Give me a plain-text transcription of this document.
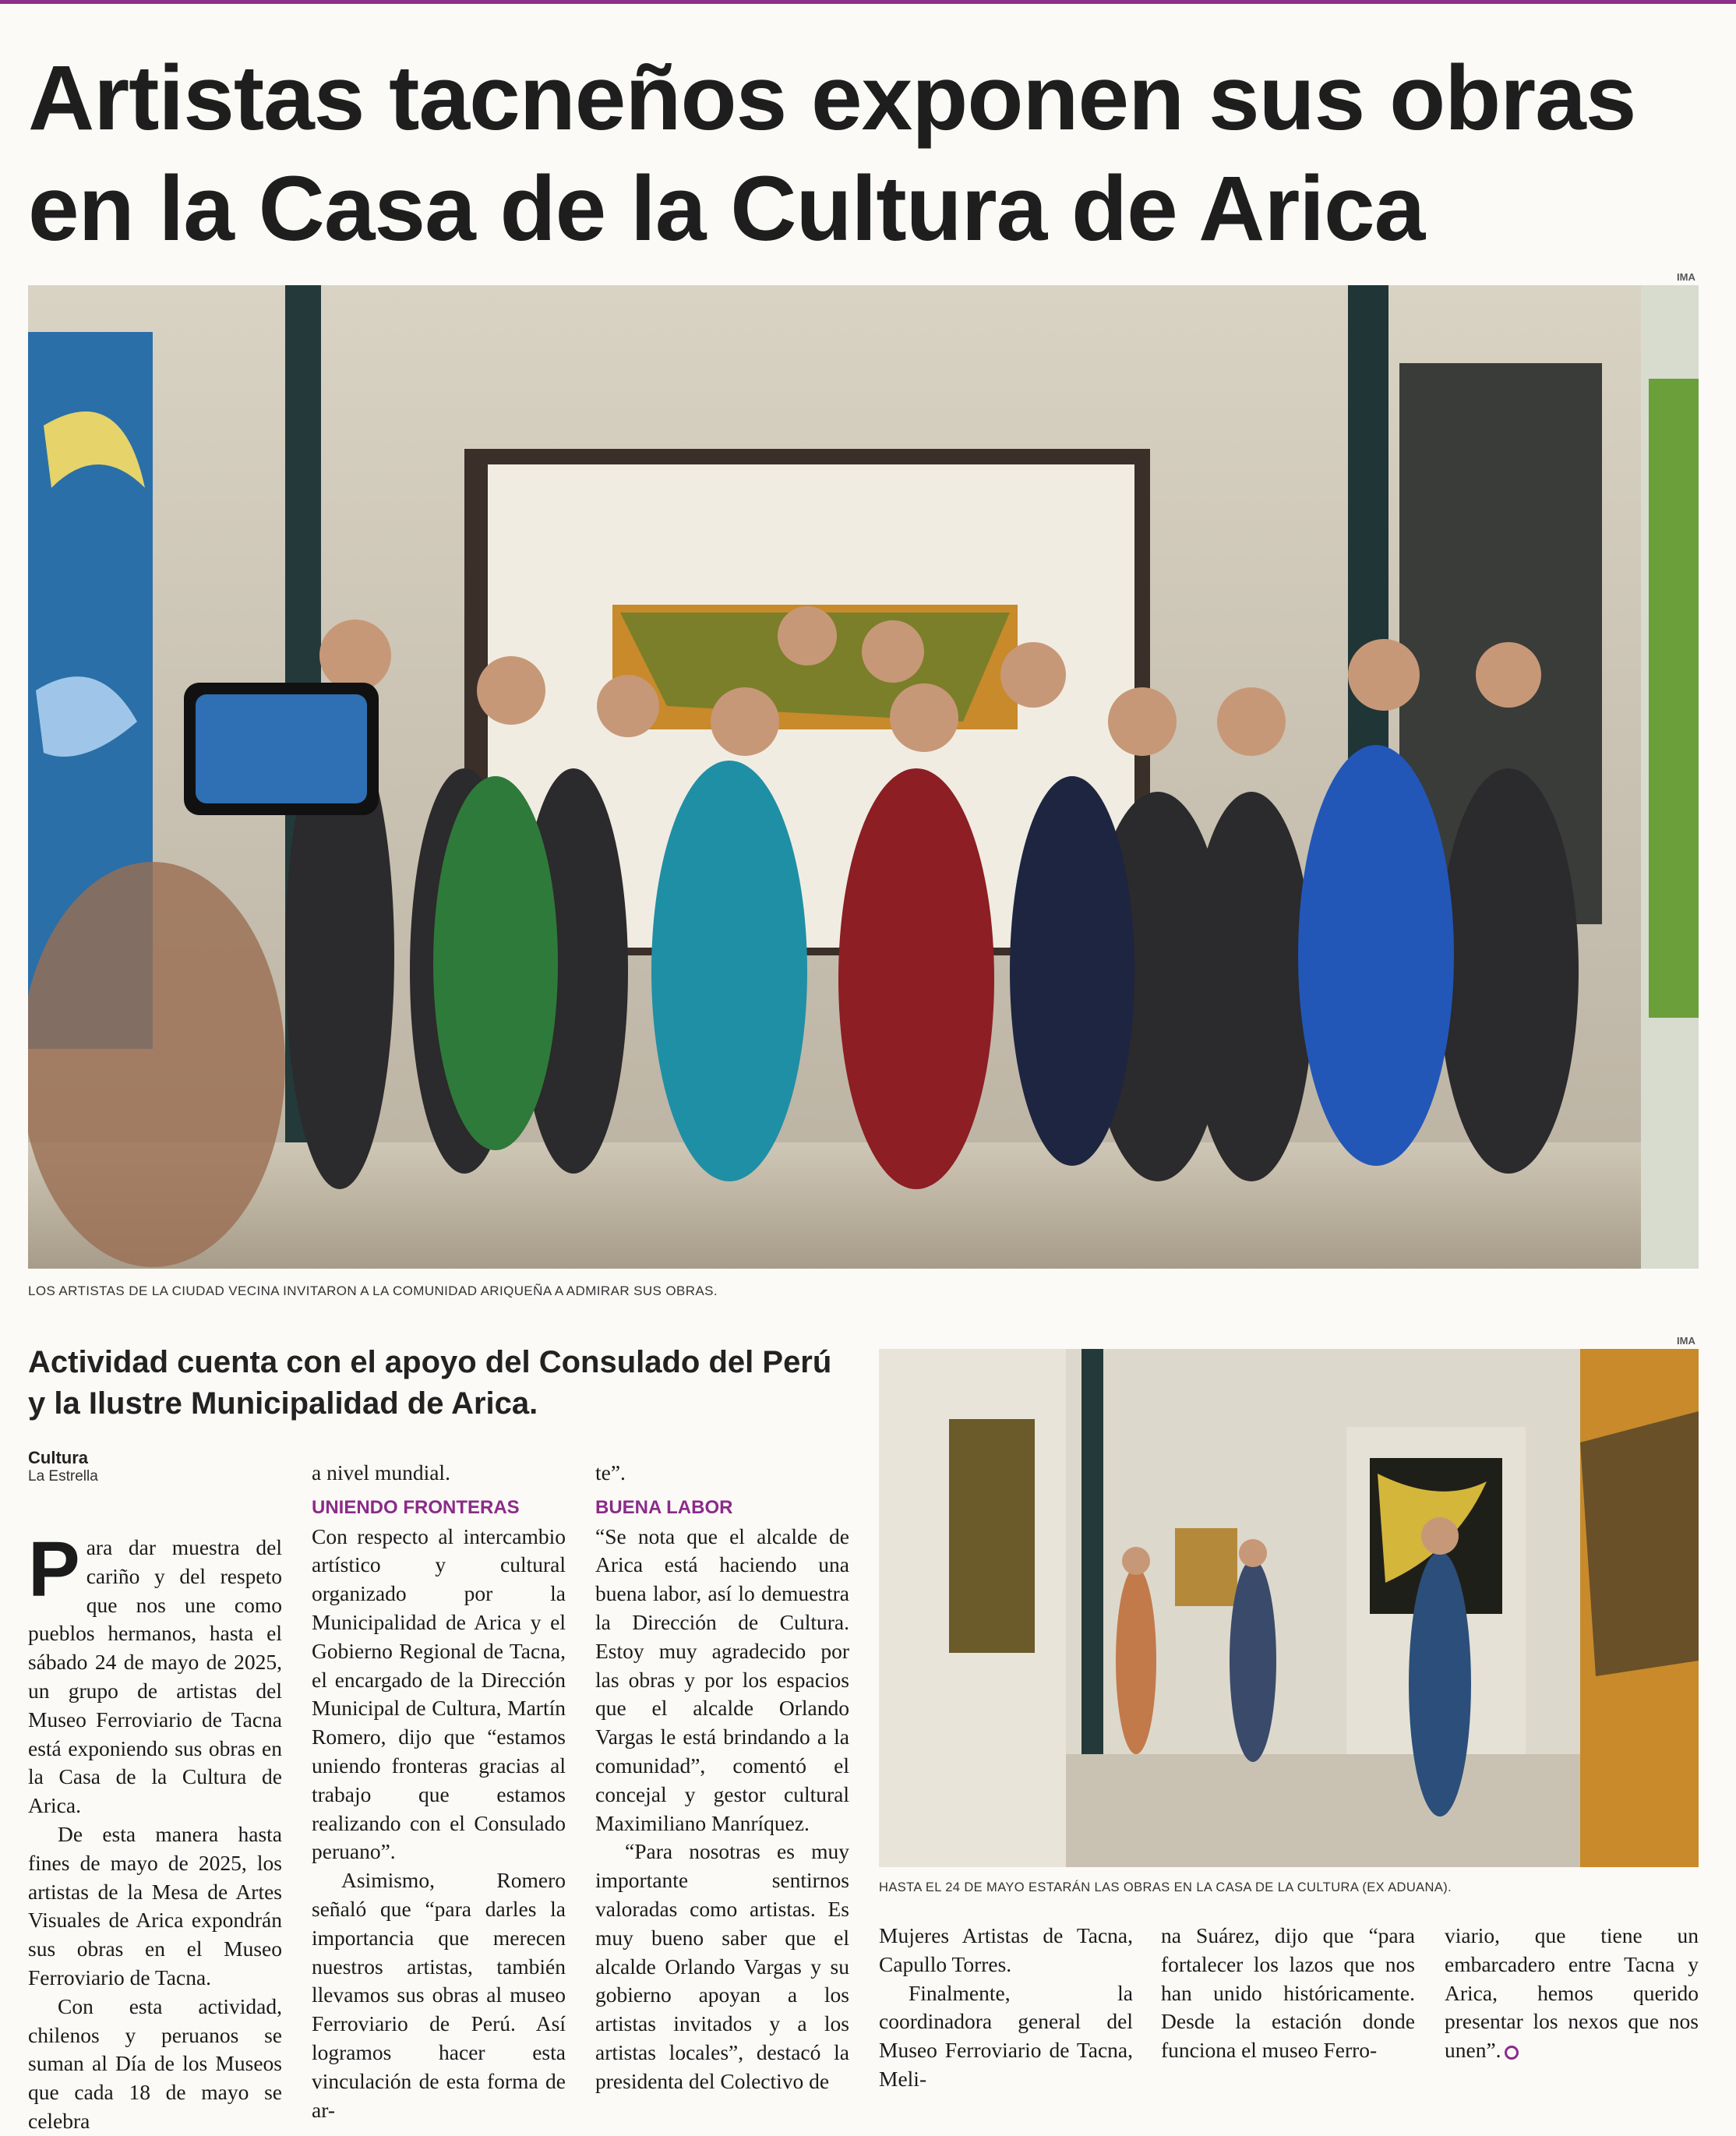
Artistas tacneños exponen sus obras en la Casa de la Cultura de Arica
IMA
LOS ARTISTAS DE LA CIUDAD VECINA INVITARON A LA COMUNIDAD ARIQUEÑA A ADMIRAR SUS OBRAS.
Actividad cuenta con el apoyo del Consulado del Perú y la Ilustre Municipalidad de Arica.
Cultura
La Estrella

Para dar muestra del cariño y del respeto que nos une como pueblos hermanos, hasta el sábado 24 de mayo de 2025, un grupo de artistas del Museo Ferroviario de Tacna está exponiendo sus obras en la Casa de la Cultura de Arica.

De esta manera hasta fines de mayo de 2025, los artistas de la Mesa de Artes Visuales de Arica expondrán sus obras en el Museo Ferroviario de Tacna.

Con esta actividad, chilenos y peruanos se suman al Día de los Museos que cada 18 de mayo se celebra

a nivel mundial.

UNIENDO FRONTERAS

Con respecto al intercambio artístico y cultural organizado por la Municipalidad de Arica y el Gobierno Regional de Tacna, el encargado de la Dirección Municipal de Cultura, Martín Romero, dijo que “estamos uniendo fronteras gracias al trabajo que estamos realizando con el Consulado peruano”.

Asimismo, Romero señaló que “para darles la importancia que merecen nuestros artistas, también llevamos sus obras al museo Ferroviario de Perú. Así logramos hacer esta vinculación de esta forma de ar-

te”.

BUENA LABOR

“Se nota que el alcalde de Arica está haciendo una buena labor, así lo demuestra la Dirección de Cultura. Estoy muy agradecido por las obras y por los espacios que el alcalde Orlando Vargas le está brindando a la comunidad”, comentó el concejal y gestor cultural Maximiliano Manríquez.

“Para nosotras es muy importante sentirnos valoradas como artistas. Es muy bueno saber que el alcalde Orlando Vargas y su gobierno apoyan a los artistas invitados y a los artistas locales”, destacó la presidenta del Colectivo de

IMA
HASTA EL 24 DE MAYO ESTARÁN LAS OBRAS EN LA CASA DE LA CULTURA (EX ADUANA).

Mujeres Artistas de Tacna, Capullo Torres.

Finalmente, la coordinadora general del Museo Ferroviario de Tacna, Meli-

na Suárez, dijo que “para fortalecer los lazos que nos han unido históricamente. Desde la estación donde funciona el museo Ferro-

viario, que tiene un embarcadero entre Tacna y Arica, hemos querido presentar los nexos que nos unen”.
